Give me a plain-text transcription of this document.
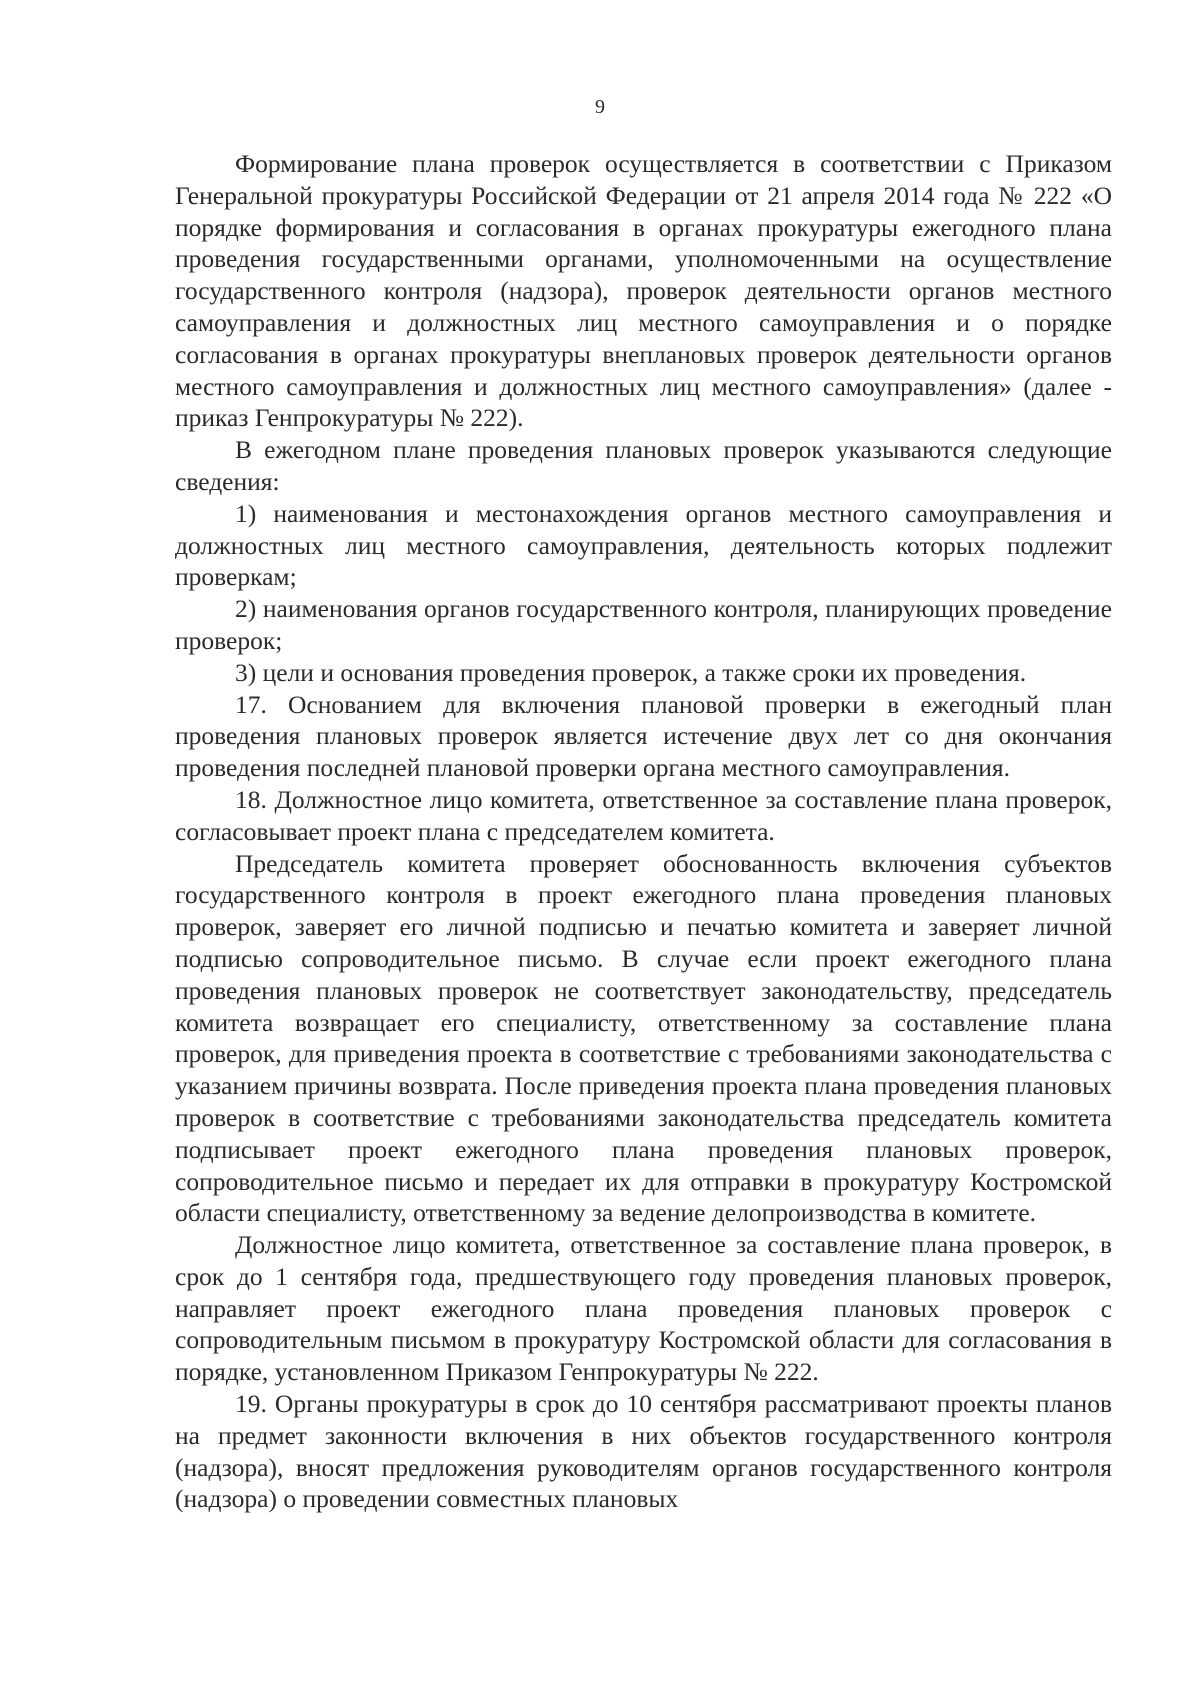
9

Формирование плана проверок осуществляется в соответствии с Приказом Генеральной прокуратуры Российской Федерации от 21 апреля 2014 года № 222 «О порядке формирования и согласования в органах прокуратуры ежегодного плана проведения государственными органами, уполномоченными на осуществление государственного контроля (надзора), проверок деятельности органов местного самоуправления и должностных лиц местного самоуправления и о порядке согласования в органах прокуратуры внеплановых проверок деятельности органов местного самоуправления и должностных лиц местного самоуправления» (далее - приказ Генпрокуратуры № 222).

В ежегодном плане проведения плановых проверок указываются следующие сведения:

1) наименования и местонахождения органов местного самоуправления и должностных лиц местного самоуправления, деятельность которых подлежит проверкам;

2) наименования органов государственного контроля, планирующих проведение проверок;

3) цели и основания проведения проверок, а также сроки их проведения.

17. Основанием для включения плановой проверки в ежегодный план проведения плановых проверок является истечение двух лет со дня окончания проведения последней плановой проверки органа местного самоуправления.

18. Должностное лицо комитета, ответственное за составление плана проверок, согласовывает проект плана с председателем комитета.

Председатель комитета проверяет обоснованность включения субъектов государственного контроля в проект ежегодного плана проведения плановых проверок, заверяет его личной подписью и печатью комитета и заверяет личной подписью сопроводительное письмо. В случае если проект ежегодного плана проведения плановых проверок не соответствует законодательству, председатель комитета возвращает его специалисту, ответственному за составление плана проверок, для приведения проекта в соответствие с требованиями законодательства с указанием причины возврата. После приведения проекта плана проведения плановых проверок в соответствие с требованиями законодательства председатель комитета подписывает проект ежегодного плана проведения плановых проверок, сопроводительное письмо и передает их для отправки в прокуратуру Костромской области специалисту, ответственному за ведение делопроизводства в комитете.

Должностное лицо комитета, ответственное за составление плана проверок, в срок до 1 сентября года, предшествующего году проведения плановых проверок, направляет проект ежегодного плана проведения плановых проверок с сопроводительным письмом в прокуратуру Костромской области для согласования в порядке, установленном Приказом Генпрокуратуры № 222.

19. Органы прокуратуры в срок до 10 сентября рассматривают проекты планов на предмет законности включения в них объектов государственного контроля (надзора), вносят предложения руководителям органов государственного контроля (надзора) о проведении совместных плановых
